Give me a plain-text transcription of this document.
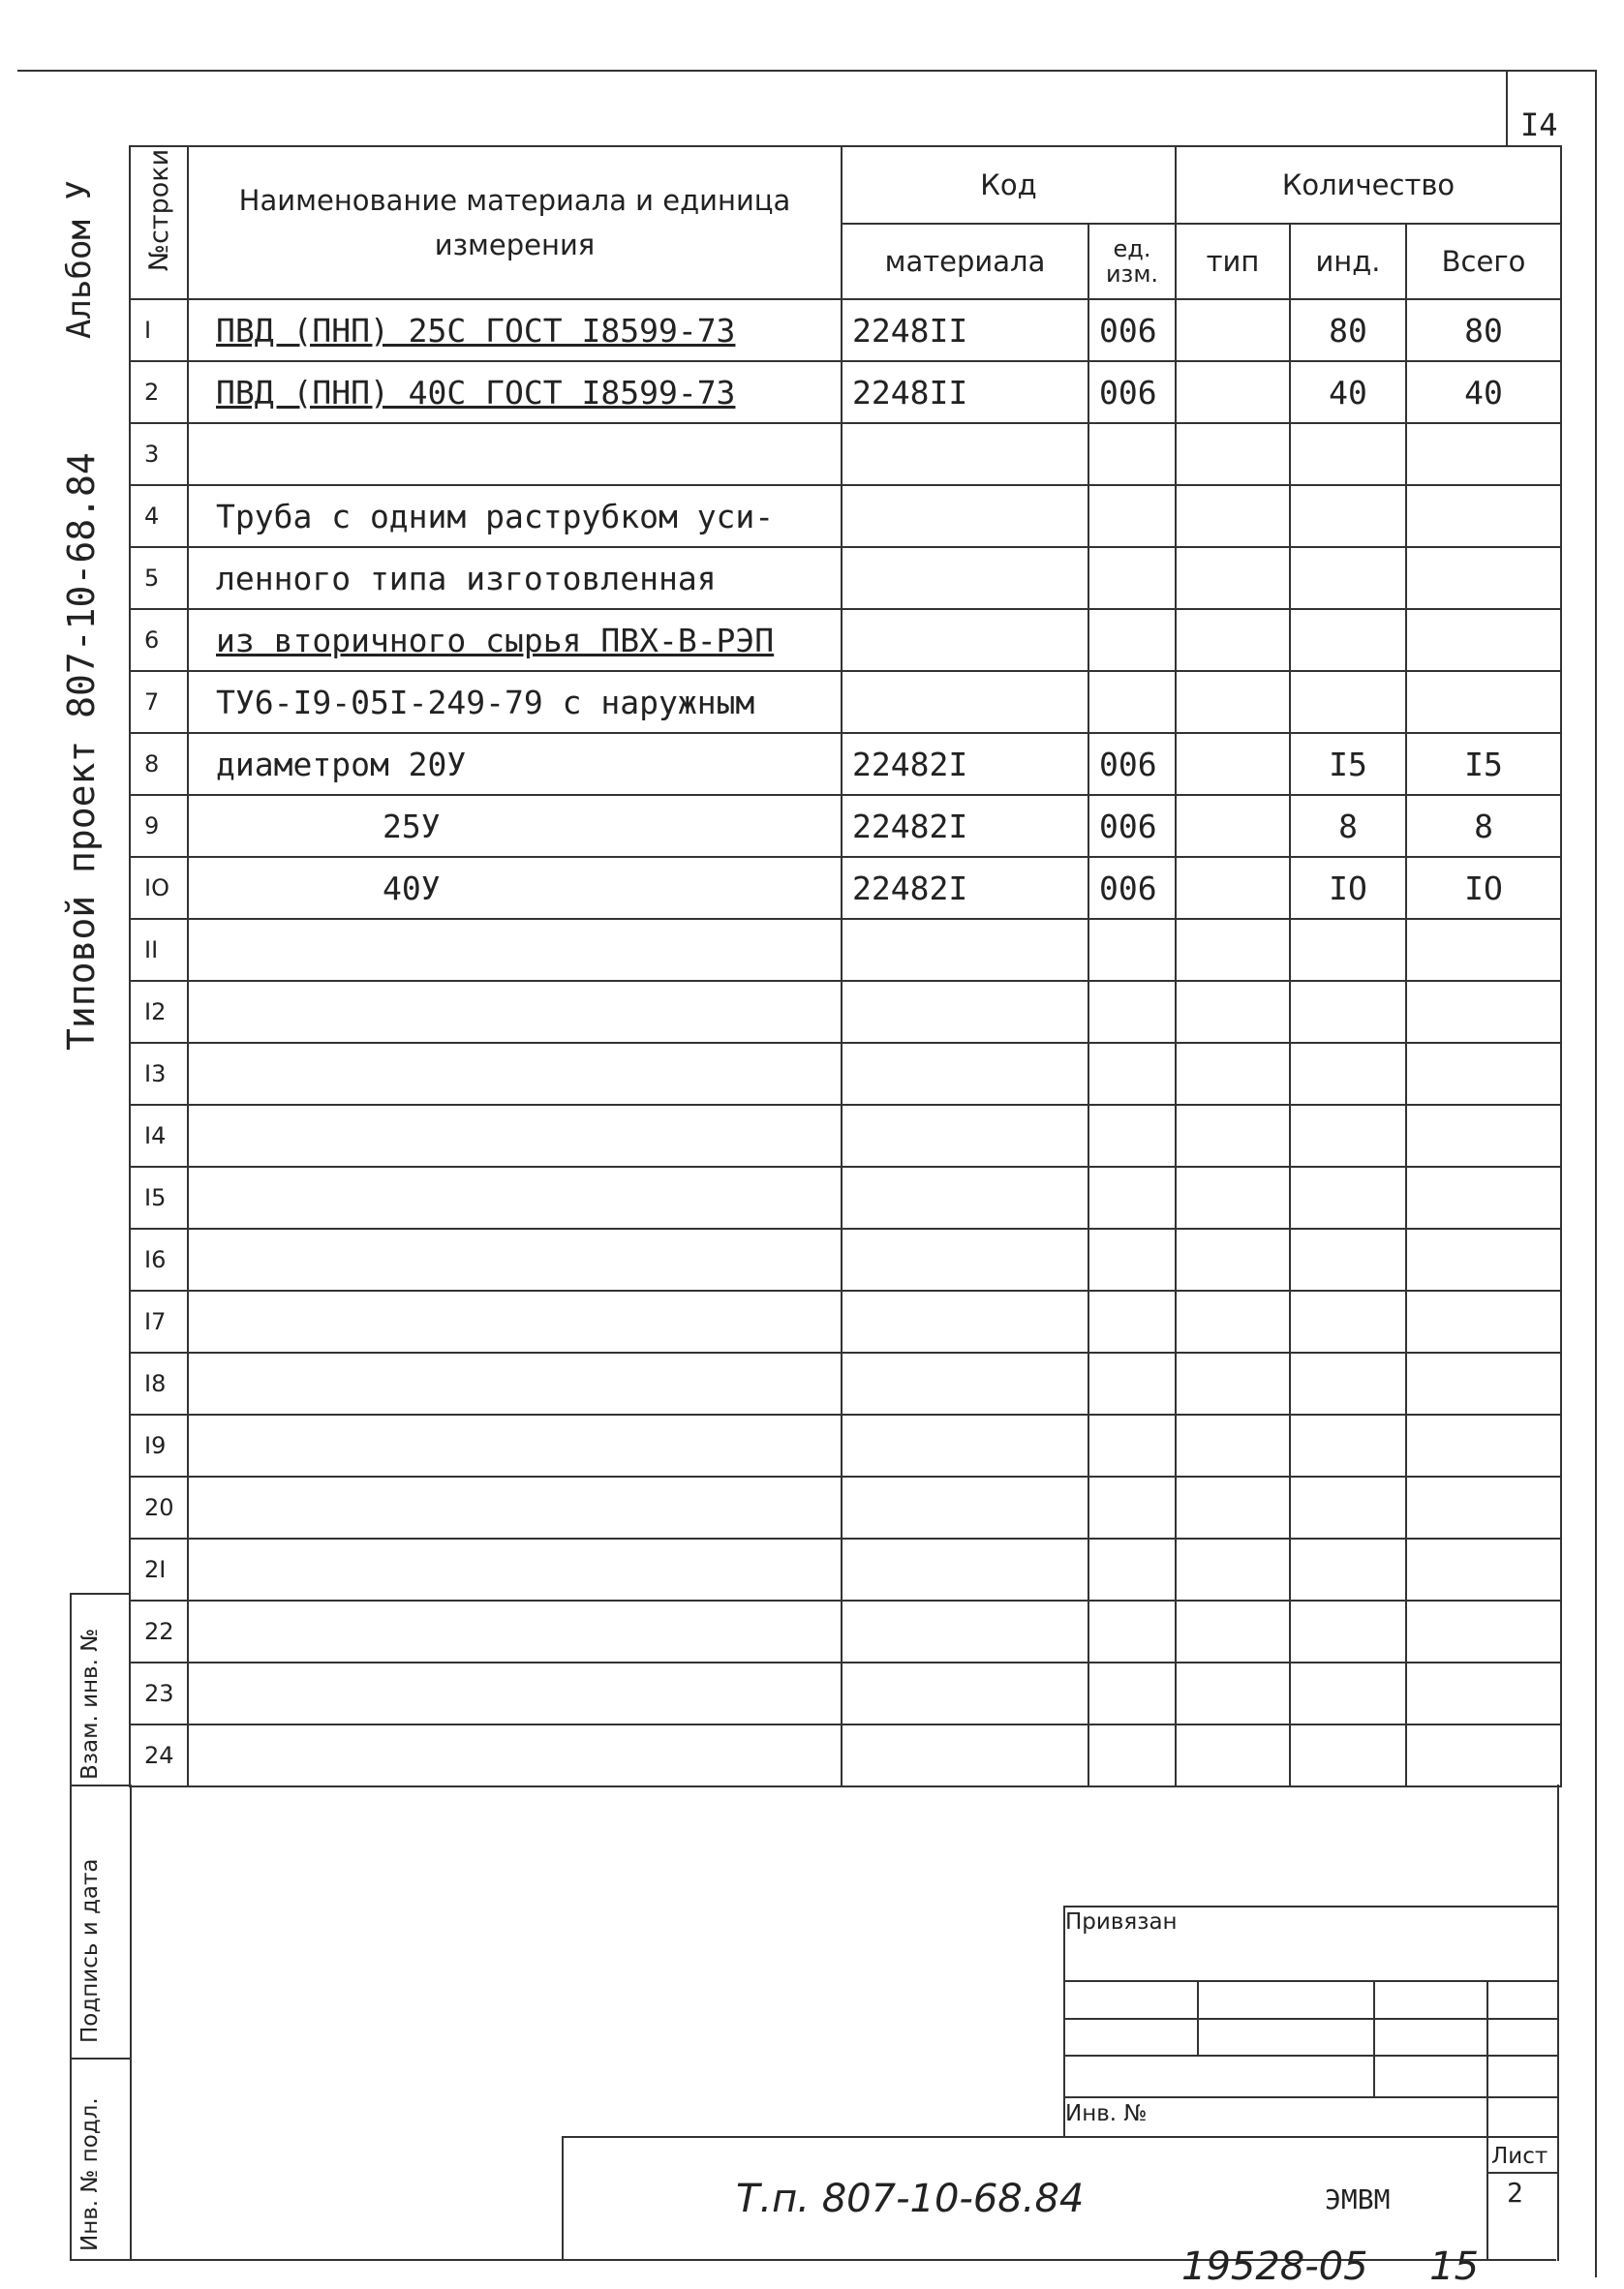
I4
Альбом У
Типовой проект 807-10-68.84
№строки	Наименование материала и единица измерения	Код		Количество		
		материала	ед. изм.	тип	инд.	Всего
I	ПВД (ПНП) 25С ГОСТ I8599-73	2248II	006		80	80
2	ПВД (ПНП) 40С ГОСТ I8599-73	2248II	006		40	40
3						
4	Труба с одним раструбком уси-					
5	ленного типа изготовленная					
6	из вторичного сырья ПВХ-В-РЭП					
7	ТУ6-I9-05I-249-79 с наружным					
8	диаметром 20У	22482I	006		I5	I5
9	25У	22482I	006		8	8
IO	40У	22482I	006		IO	IO
II						
I2						
I3						
I4						
I5						
I6						
I7						
I8						
I9						
20						
2I						
22						
23						
24						
Взам. инв. №
Подпись и дата
Инв. № подл.
Привязан
Инв. №
Т.п. 807-10-68.84	ЭМВМ
Лист
2
19528-05     15
